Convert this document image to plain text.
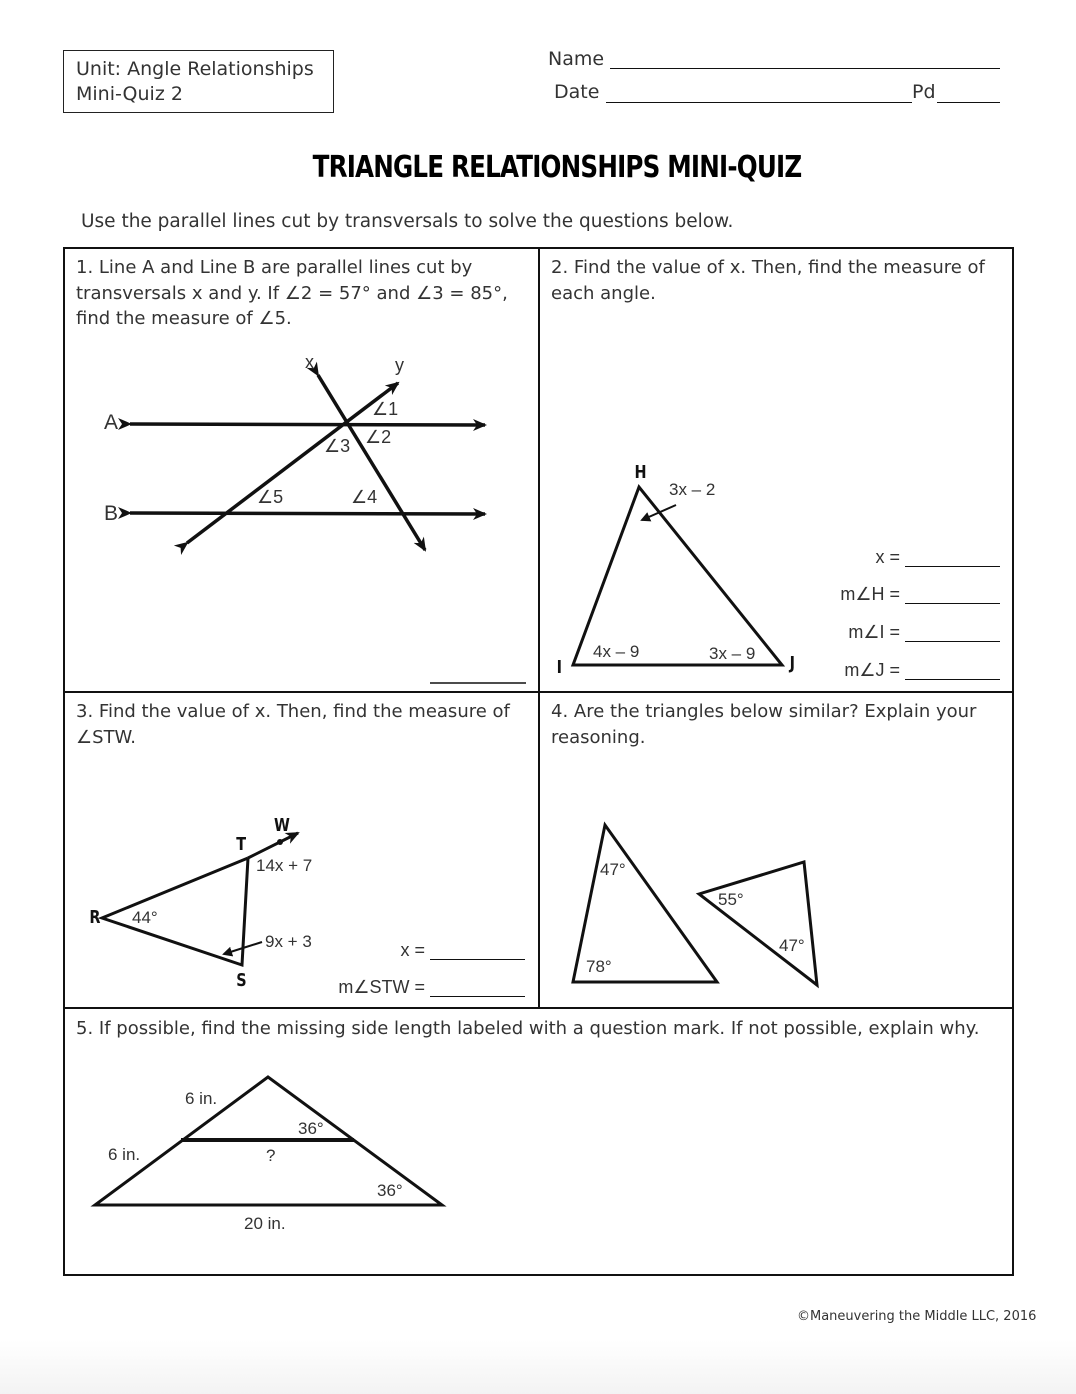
Unit: Angle Relationships
Mini-Quiz 2
Name
Date	Pd
TRIANGLE RELATIONSHIPS MINI-QUIZ
Use the parallel lines cut by transversals to solve the questions below.
1. Line A and Line B are parallel lines cut by transversals x and y. If ∠2 = 57° and ∠3 = 85°, find the measure of ∠5.
A
B
x	y
∠1
∠2
∠3
∠4
∠5
2. Find the value of x. Then, find the measure of each angle.
H
I	J
3x – 2
4x – 9	3x – 9
x =
m∠H =
m∠I =
m∠J =
3. Find the value of x. Then, find the measure of ∠STW.
R
S
T
W
44°
14x + 7
9x + 3	x =
m∠STW =
4. Are the triangles below similar? Explain your reasoning.
47°
78°
55°
47°
5. If possible, find the missing side length labeled with a question mark. If not possible, explain why.
6 in.
6 in.
36°
36°
?
20 in.
©Maneuvering the Middle LLC, 2016
